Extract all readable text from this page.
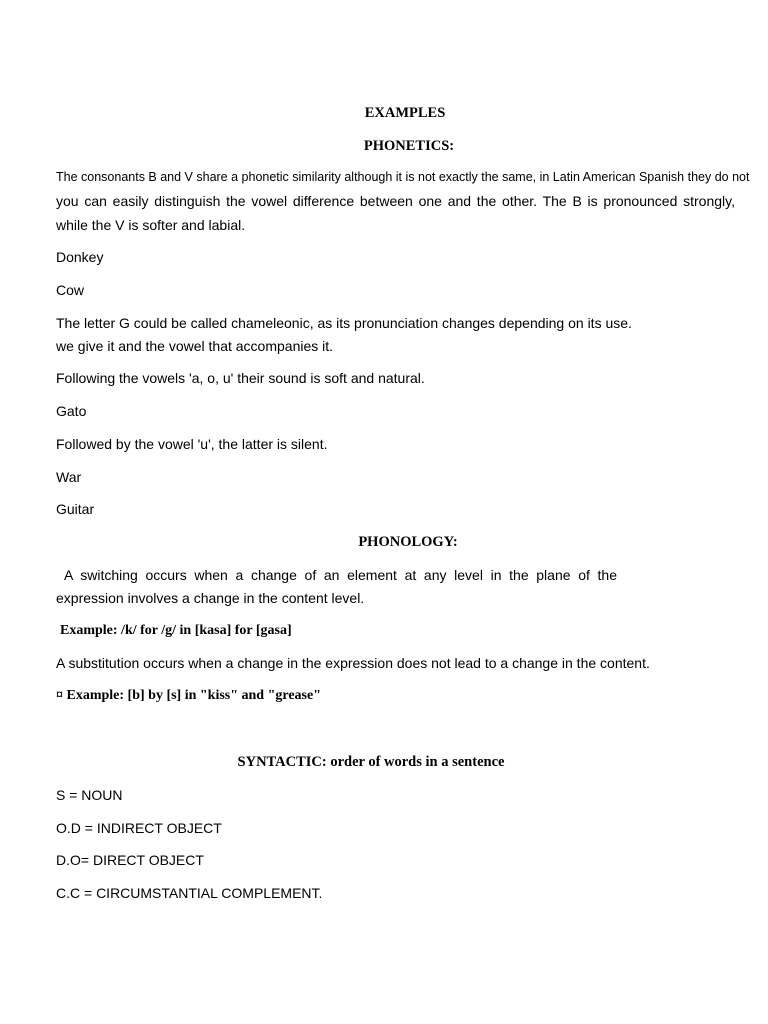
EXAMPLES
PHONETICS:
The consonants B and V share a phonetic similarity although it is not exactly the same, in Latin American Spanish they do not
you can easily distinguish the vowel difference between one and the other. The B is pronounced strongly,
while the V is softer and labial.
Donkey
Cow
The letter G could be called chameleonic, as its pronunciation changes depending on its use.
we give it and the vowel that accompanies it.
Following the vowels 'a, o, u' their sound is soft and natural.
Gato
Followed by the vowel 'u', the latter is silent.
War
Guitar
PHONOLOGY:
A switching occurs when a change of an element at any level in the plane of the
expression involves a change in the content level.
Example: /k/ for /g/ in [kasa] for [gasa]
A substitution occurs when a change in the expression does not lead to a change in the content.
¤ Example: [b] by [s] in "kiss" and "grease"
SYNTACTIC: order of words in a sentence
S = NOUN
O.D = INDIRECT OBJECT
D.O= DIRECT OBJECT
C.C = CIRCUMSTANTIAL COMPLEMENT.
